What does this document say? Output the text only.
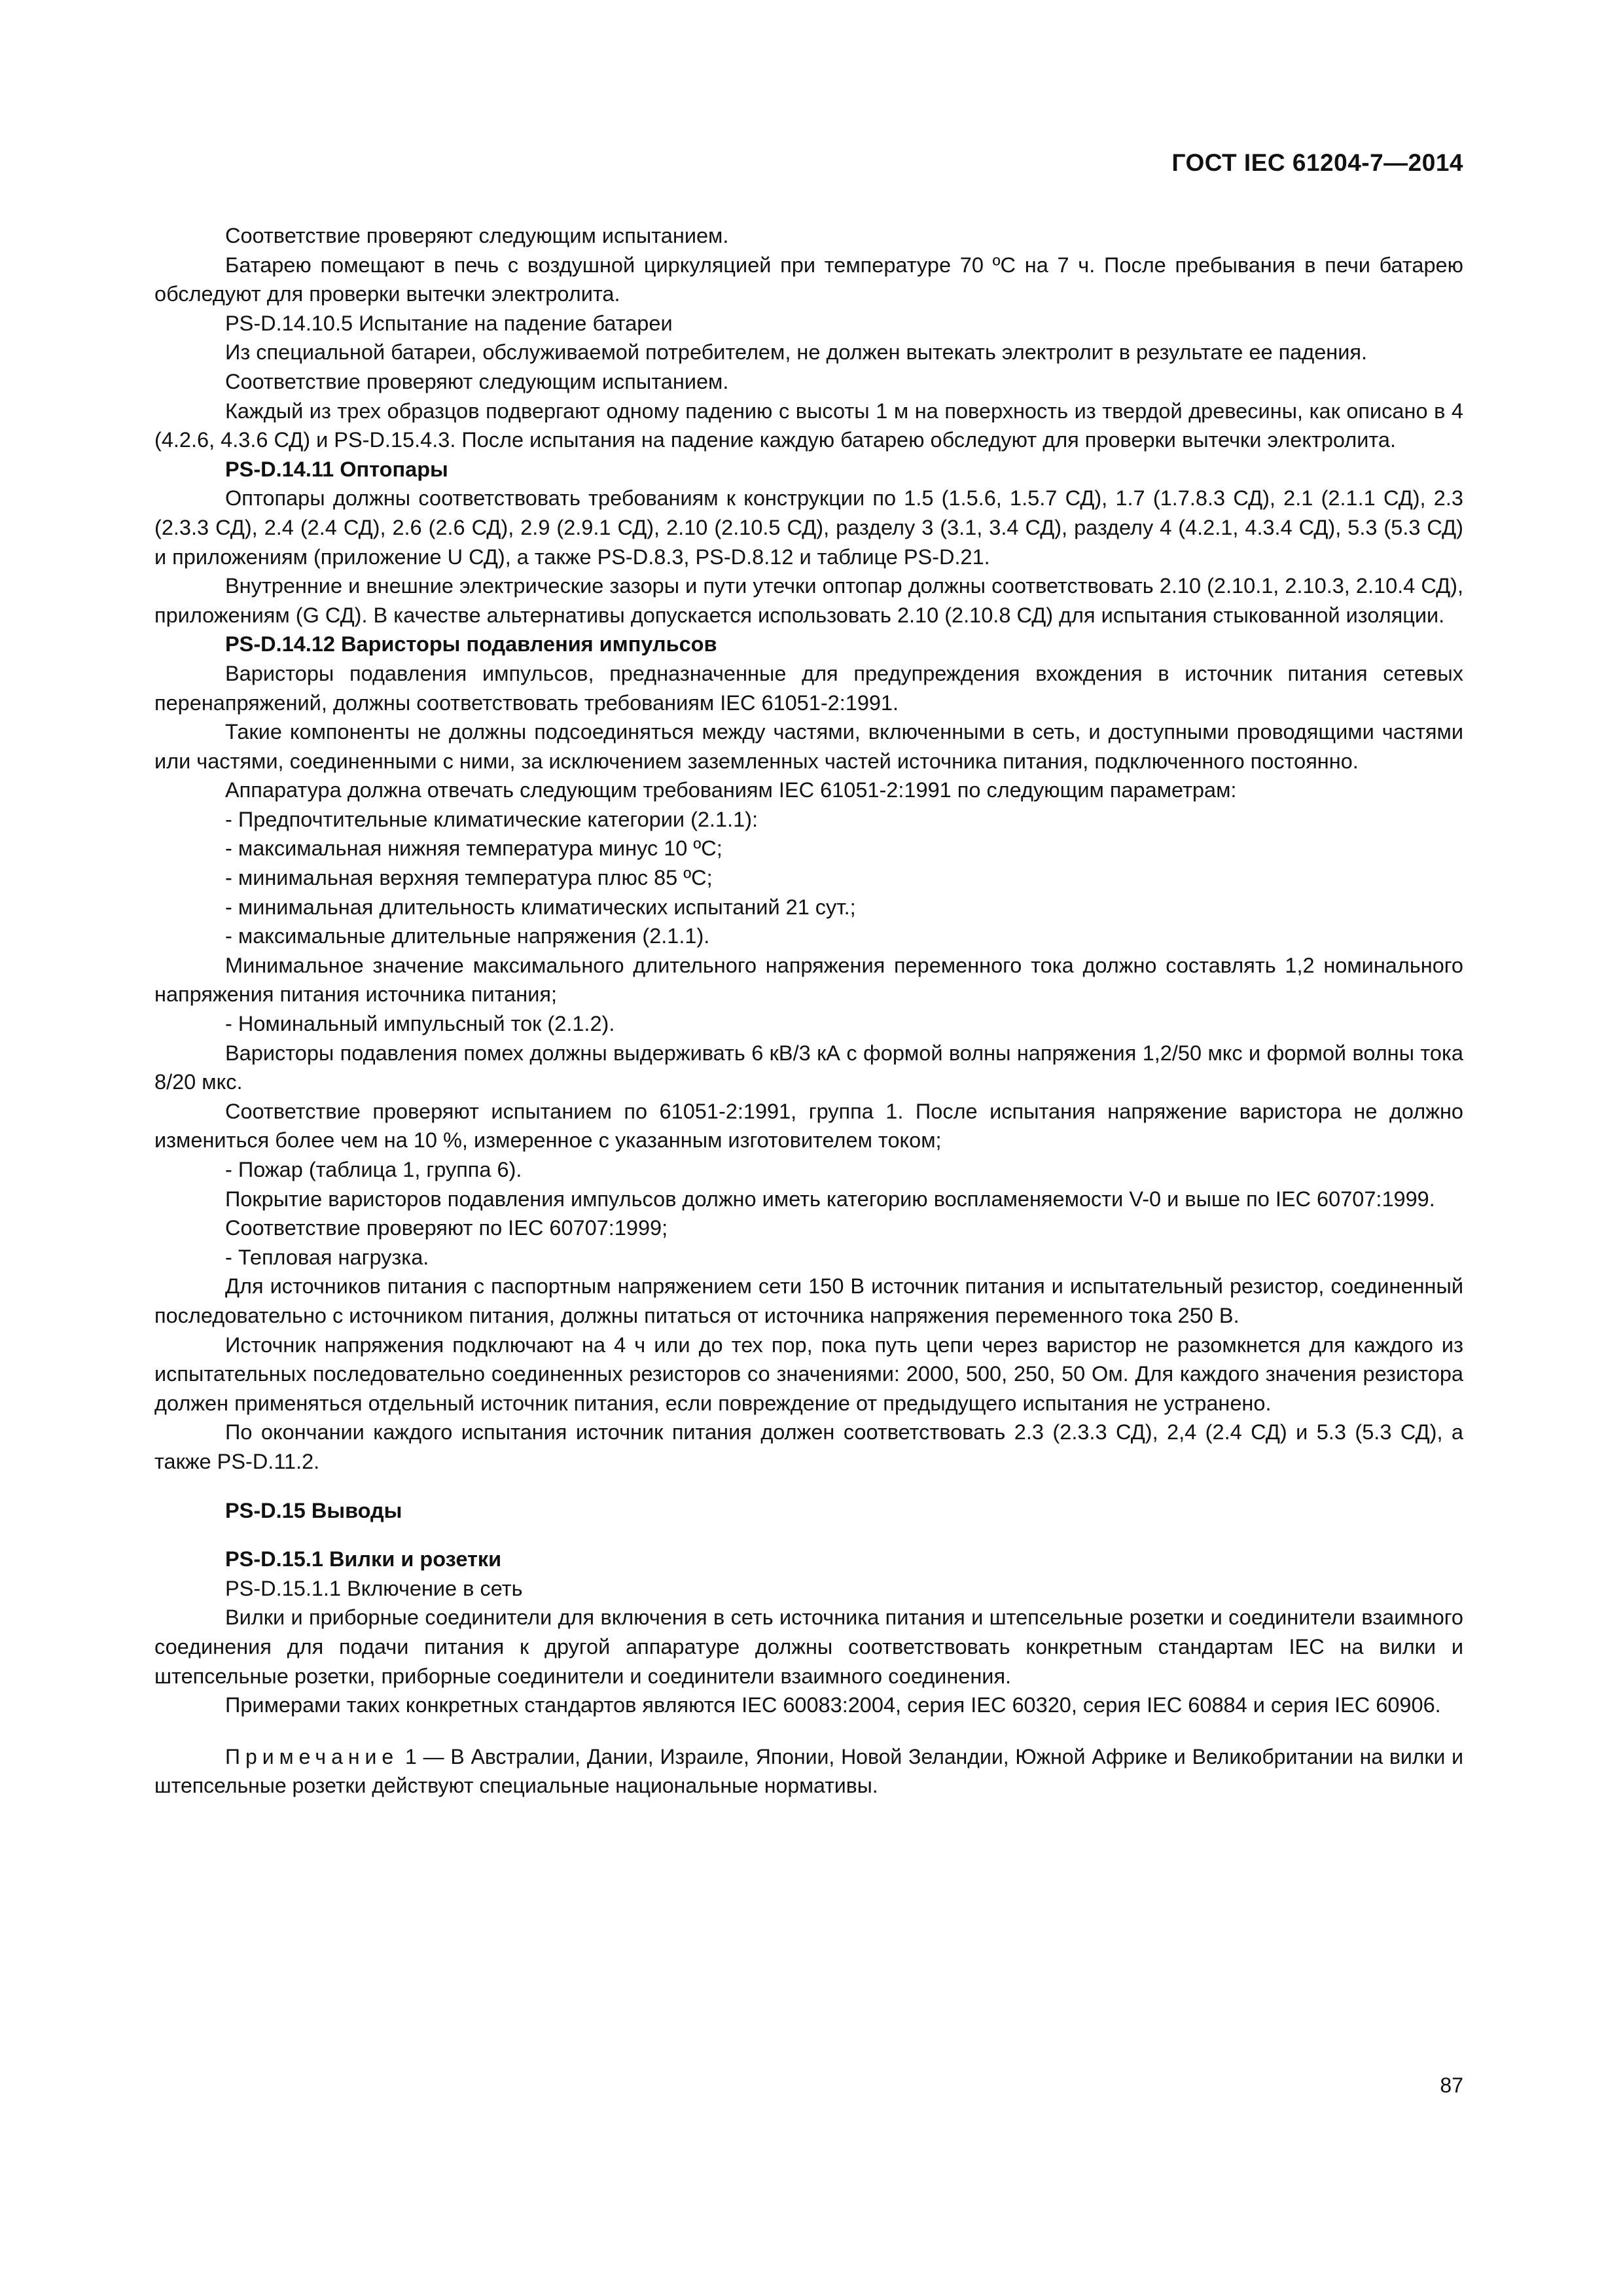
ГОСТ IEC 61204-7—2014

Соответствие проверяют следующим испытанием.

Батарею помещают в печь с воздушной циркуляцией при температуре 70 ºС на 7 ч. После пребывания в печи батарею обследуют для проверки вытечки электролита.

PS-D.14.10.5 Испытание на падение батареи

Из специальной батареи, обслуживаемой потребителем, не должен вытекать электролит в результате ее падения.

Соответствие проверяют следующим испытанием.

Каждый из трех образцов подвергают одному падению с высоты 1 м на поверхность из твердой древесины, как описано в 4 (4.2.6, 4.3.6 СД) и PS-D.15.4.3. После испытания на падение каждую батарею обследуют для проверки вытечки электролита.

PS-D.14.11 Оптопары

Оптопары должны соответствовать требованиям к конструкции по 1.5 (1.5.6, 1.5.7 СД), 1.7 (1.7.8.3 СД), 2.1 (2.1.1 СД), 2.3 (2.3.3 СД), 2.4 (2.4 СД), 2.6 (2.6 СД), 2.9 (2.9.1 СД), 2.10 (2.10.5 СД), разделу 3 (3.1, 3.4 СД), разделу 4 (4.2.1, 4.3.4 СД), 5.3 (5.3 СД) и приложениям (приложение U СД), а также PS-D.8.3, PS-D.8.12 и таблице PS-D.21.

Внутренние и внешние электрические зазоры и пути утечки оптопар должны соответствовать 2.10 (2.10.1, 2.10.3, 2.10.4 СД), приложениям (G СД). В качестве альтернативы допускается использовать 2.10 (2.10.8 СД) для испытания стыкованной изоляции.

PS-D.14.12 Варисторы подавления импульсов

Варисторы подавления импульсов, предназначенные для предупреждения вхождения в источник питания сетевых перенапряжений, должны соответствовать требованиям IEC 61051-2:1991.

Такие компоненты не должны подсоединяться между частями, включенными в сеть, и доступными проводящими частями или частями, соединенными с ними, за исключением заземленных частей источника питания, подключенного постоянно.

Аппаратура должна отвечать следующим требованиям IEC 61051-2:1991 по следующим параметрам:

- Предпочтительные климатические категории (2.1.1):

- максимальная нижняя температура минус 10 ºС;

- минимальная верхняя температура плюс 85 ºС;

- минимальная длительность климатических испытаний 21 сут.;

- максимальные длительные напряжения (2.1.1).

Минимальное значение максимального длительного напряжения переменного тока должно составлять 1,2 номинального напряжения питания источника питания;

- Номинальный импульсный ток (2.1.2).

Варисторы подавления помех должны выдерживать 6 кВ/3 кА с формой волны напряжения 1,2/50 мкс и формой волны тока 8/20 мкс.

Соответствие проверяют испытанием по 61051-2:1991, группа 1. После испытания напряжение варистора не должно измениться более чем на 10 %, измеренное с указанным изготовителем током;

- Пожар (таблица 1, группа 6).

Покрытие варисторов подавления импульсов должно иметь категорию воспламеняемости V-0 и выше по IEC 60707:1999.

Соответствие проверяют по IEC 60707:1999;

- Тепловая нагрузка.

Для источников питания с паспортным напряжением сети 150 В источник питания и испытательный резистор, соединенный последовательно с источником питания, должны питаться от источника напряжения переменного тока 250 В.

Источник напряжения подключают на 4 ч или до тех пор, пока путь цепи через варистор не разомкнется для каждого из испытательных последовательно соединенных резисторов со значениями: 2000, 500, 250, 50 Ом. Для каждого значения резистора должен применяться отдельный источник питания, если повреждение от предыдущего испытания не устранено.

По окончании каждого испытания источник питания должен соответствовать 2.3 (2.3.3 СД), 2,4 (2.4 СД) и 5.3 (5.3 СД), а также PS-D.11.2.

PS-D.15 Выводы

PS-D.15.1 Вилки и розетки

PS-D.15.1.1 Включение в сеть

Вилки и приборные соединители для включения в сеть источника питания и штепсельные розетки и соединители взаимного соединения для подачи питания к другой аппаратуре должны соответствовать конкретным стандартам IEC на вилки и штепсельные розетки, приборные соединители и соединители взаимного соединения.

Примерами таких конкретных стандартов являются IEC 60083:2004, серия IEC 60320, серия IEC 60884 и серия IEC 60906.

Примечание 1 — В Австралии, Дании, Израиле, Японии, Новой Зеландии, Южной Африке и Великобритании на вилки и штепсельные розетки действуют специальные национальные нормативы.

87
